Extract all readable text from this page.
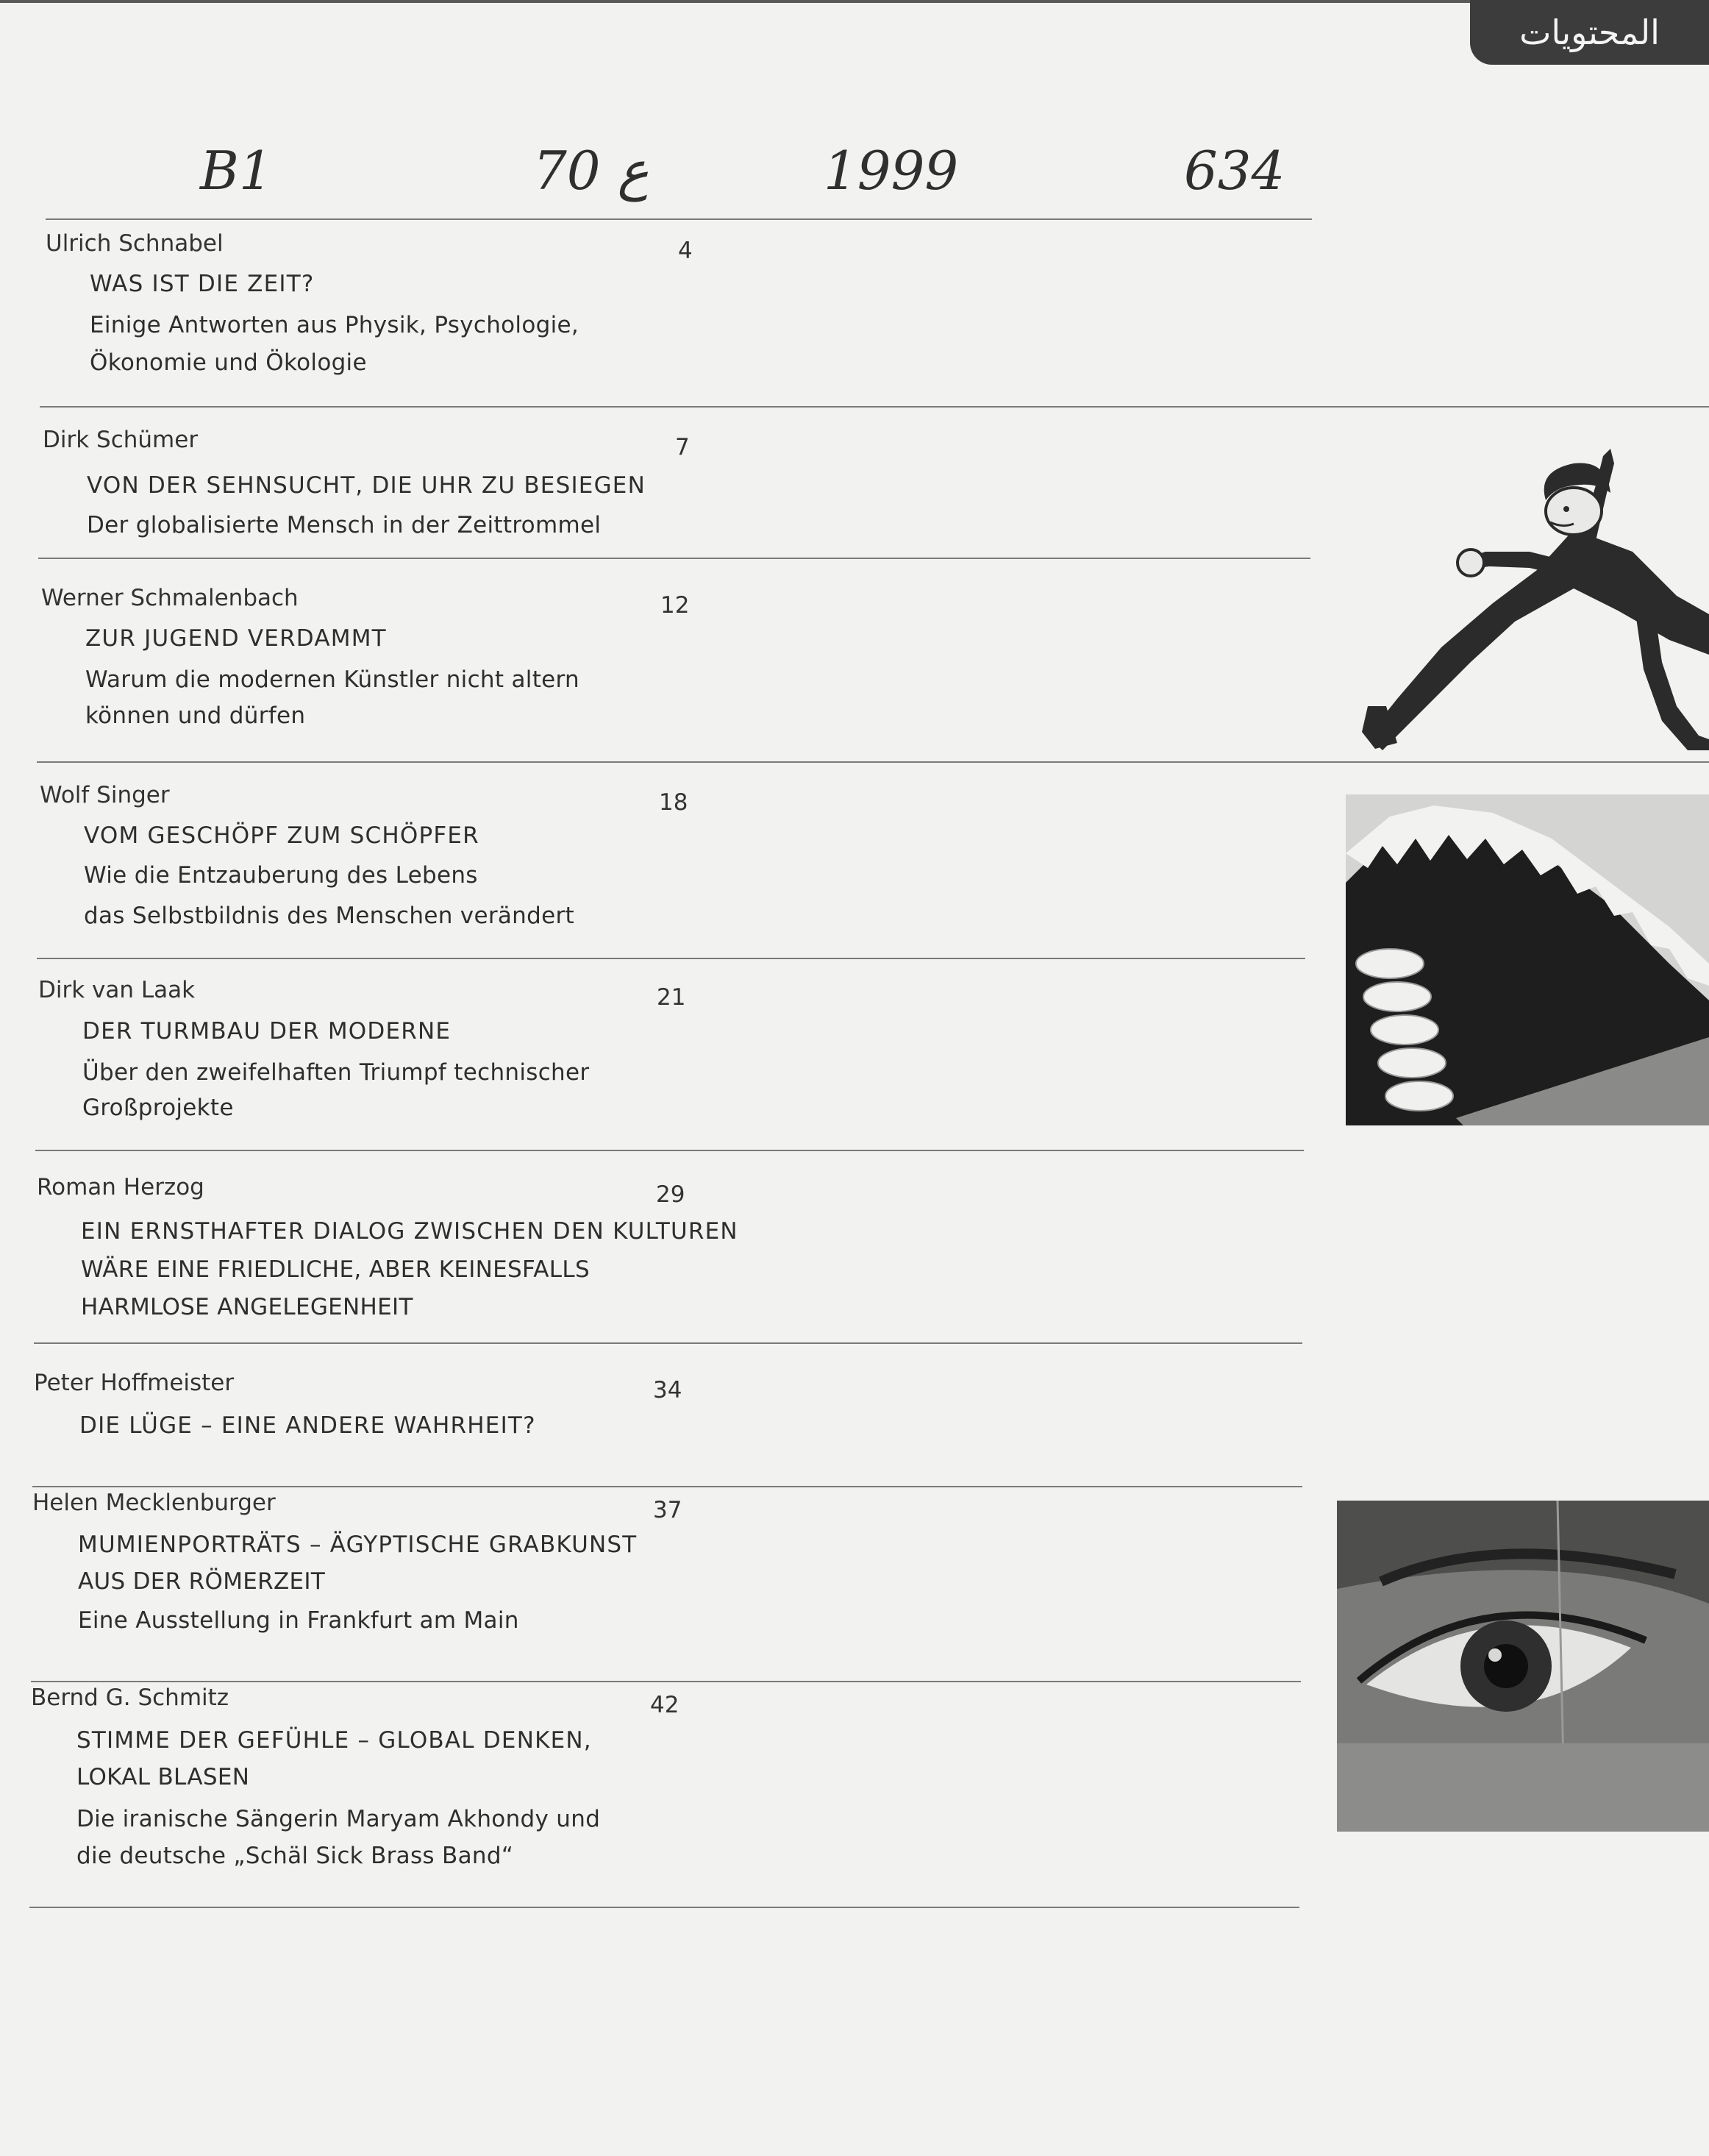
المحتويات
B1	70 ع	1999	634
Ulrich Schnabel	4
WAS IST DIE ZEIT?
Einige Antworten aus Physik, Psychologie,
Ökonomie und Ökologie
Dirk Schümer	7
VON DER SEHNSUCHT, DIE UHR ZU BESIEGEN
Der globalisierte Mensch in der Zeittrommel
Werner Schmalenbach	12
ZUR JUGEND VERDAMMT
Warum die modernen Künstler nicht altern
können und dürfen
Wolf Singer	18
VOM GESCHÖPF ZUM SCHÖPFER
Wie die Entzauberung des Lebens
das Selbstbildnis des Menschen verändert
Dirk van Laak	21
DER TURMBAU DER MODERNE
Über den zweifelhaften Triumpf technischer
Großprojekte
Roman Herzog	29
EIN ERNSTHAFTER DIALOG ZWISCHEN DEN KULTUREN
WÄRE EINE FRIEDLICHE, ABER KEINESFALLS
HARMLOSE ANGELEGENHEIT
Peter Hoffmeister	34
DIE LÜGE – EINE ANDERE WAHRHEIT?
Helen Mecklenburger	37
MUMIENPORTRÄTS – ÄGYPTISCHE GRABKUNST
AUS DER RÖMERZEIT
Eine Ausstellung in Frankfurt am Main
Bernd G. Schmitz	42
STIMME DER GEFÜHLE – GLOBAL DENKEN,
LOKAL BLASEN
Die iranische Sängerin Maryam Akhondy und
die deutsche „Schäl Sick Brass Band“
